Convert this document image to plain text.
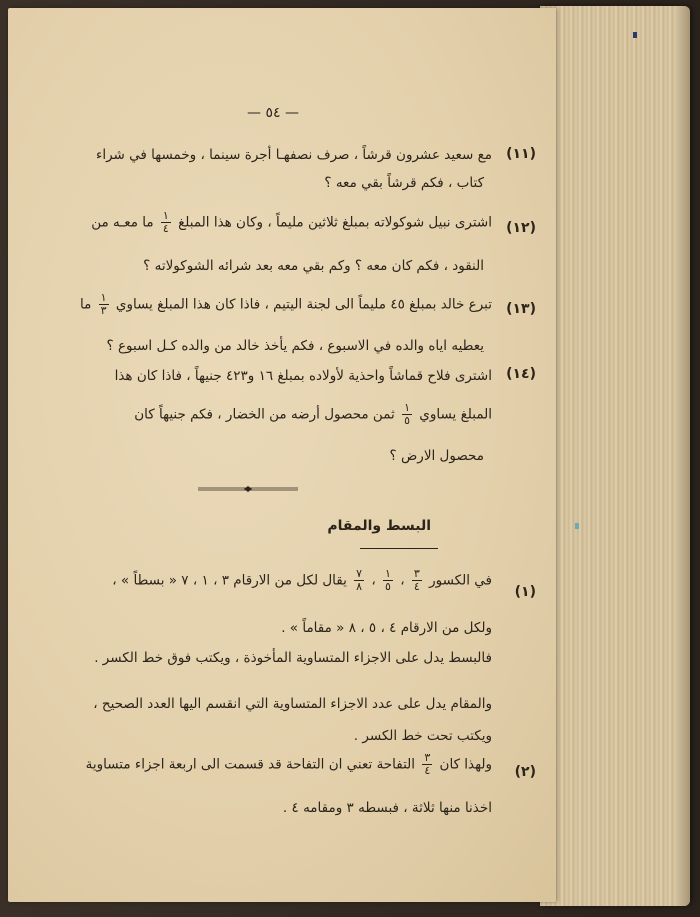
— ٥٤ —
(١١)
مع سعيد عشرون قرشاً ، صرف نصفهـا أجرة سينما ، وخمسها في شراء
كتاب ، فكم قرشاً بقي معه ؟
(١٢)
اشترى نبيل شوكولاته بمبلغ ثلاثين مليماً ، وكان هذا المبلغ
$\frac{١}{٤}$
ما معـه من
النقود ، فكم كان معه ؟ وكم بقي معه بعد شرائه الشوكولاته ؟
(١٣)
تبرع خالد بمبلغ ٤٥ مليماً الى لجنة اليتيم ، فاذا كان هذا المبلغ يساوي
$\frac{١}{٣}$
ما
يعطيه اياه والده في الاسبوع ، فكم يأخذ خالد من والده كـل اسبوع ؟
(١٤)
اشترى فلاح قماشاً واحذية لأولاده بمبلغ ١٦ و٤٢٣ جنيهاً ، فاذا كان هذا
المبلغ يساوي
$\frac{١}{٥}$
ثمن محصول أرضه من الخضار ، فكم جنيهاً كان
محصول الارض ؟
البسط والمقام
(١)
في الكسور
$\frac{٣}{٤}$
،
$\frac{١}{٥}$
،
$\frac{٧}{٨}$
يقال لكل من الارقام ٣ ، ١ ، ٧ « بسطاً » ،
ولكل من الارقام ٤ ، ٥ ، ٨ « مقاماً » .
فالبسط يدل على الاجزاء المتساوية المأخوذة ، ويكتب فوق خط الكسر .
والمقام يدل على عدد الاجزاء المتساوية التي انقسم اليها العدد الصحيح ،
ويكتب تحت خط الكسر .
(٢)
ولهذا كان
$\frac{٣}{٤}$
التفاحة تعني ان التفاحة قد قسمت الى اربعة اجزاء متساوية
اخذنا منها ثلاثة ، فبسطه ٣ ومقامه ٤ .
